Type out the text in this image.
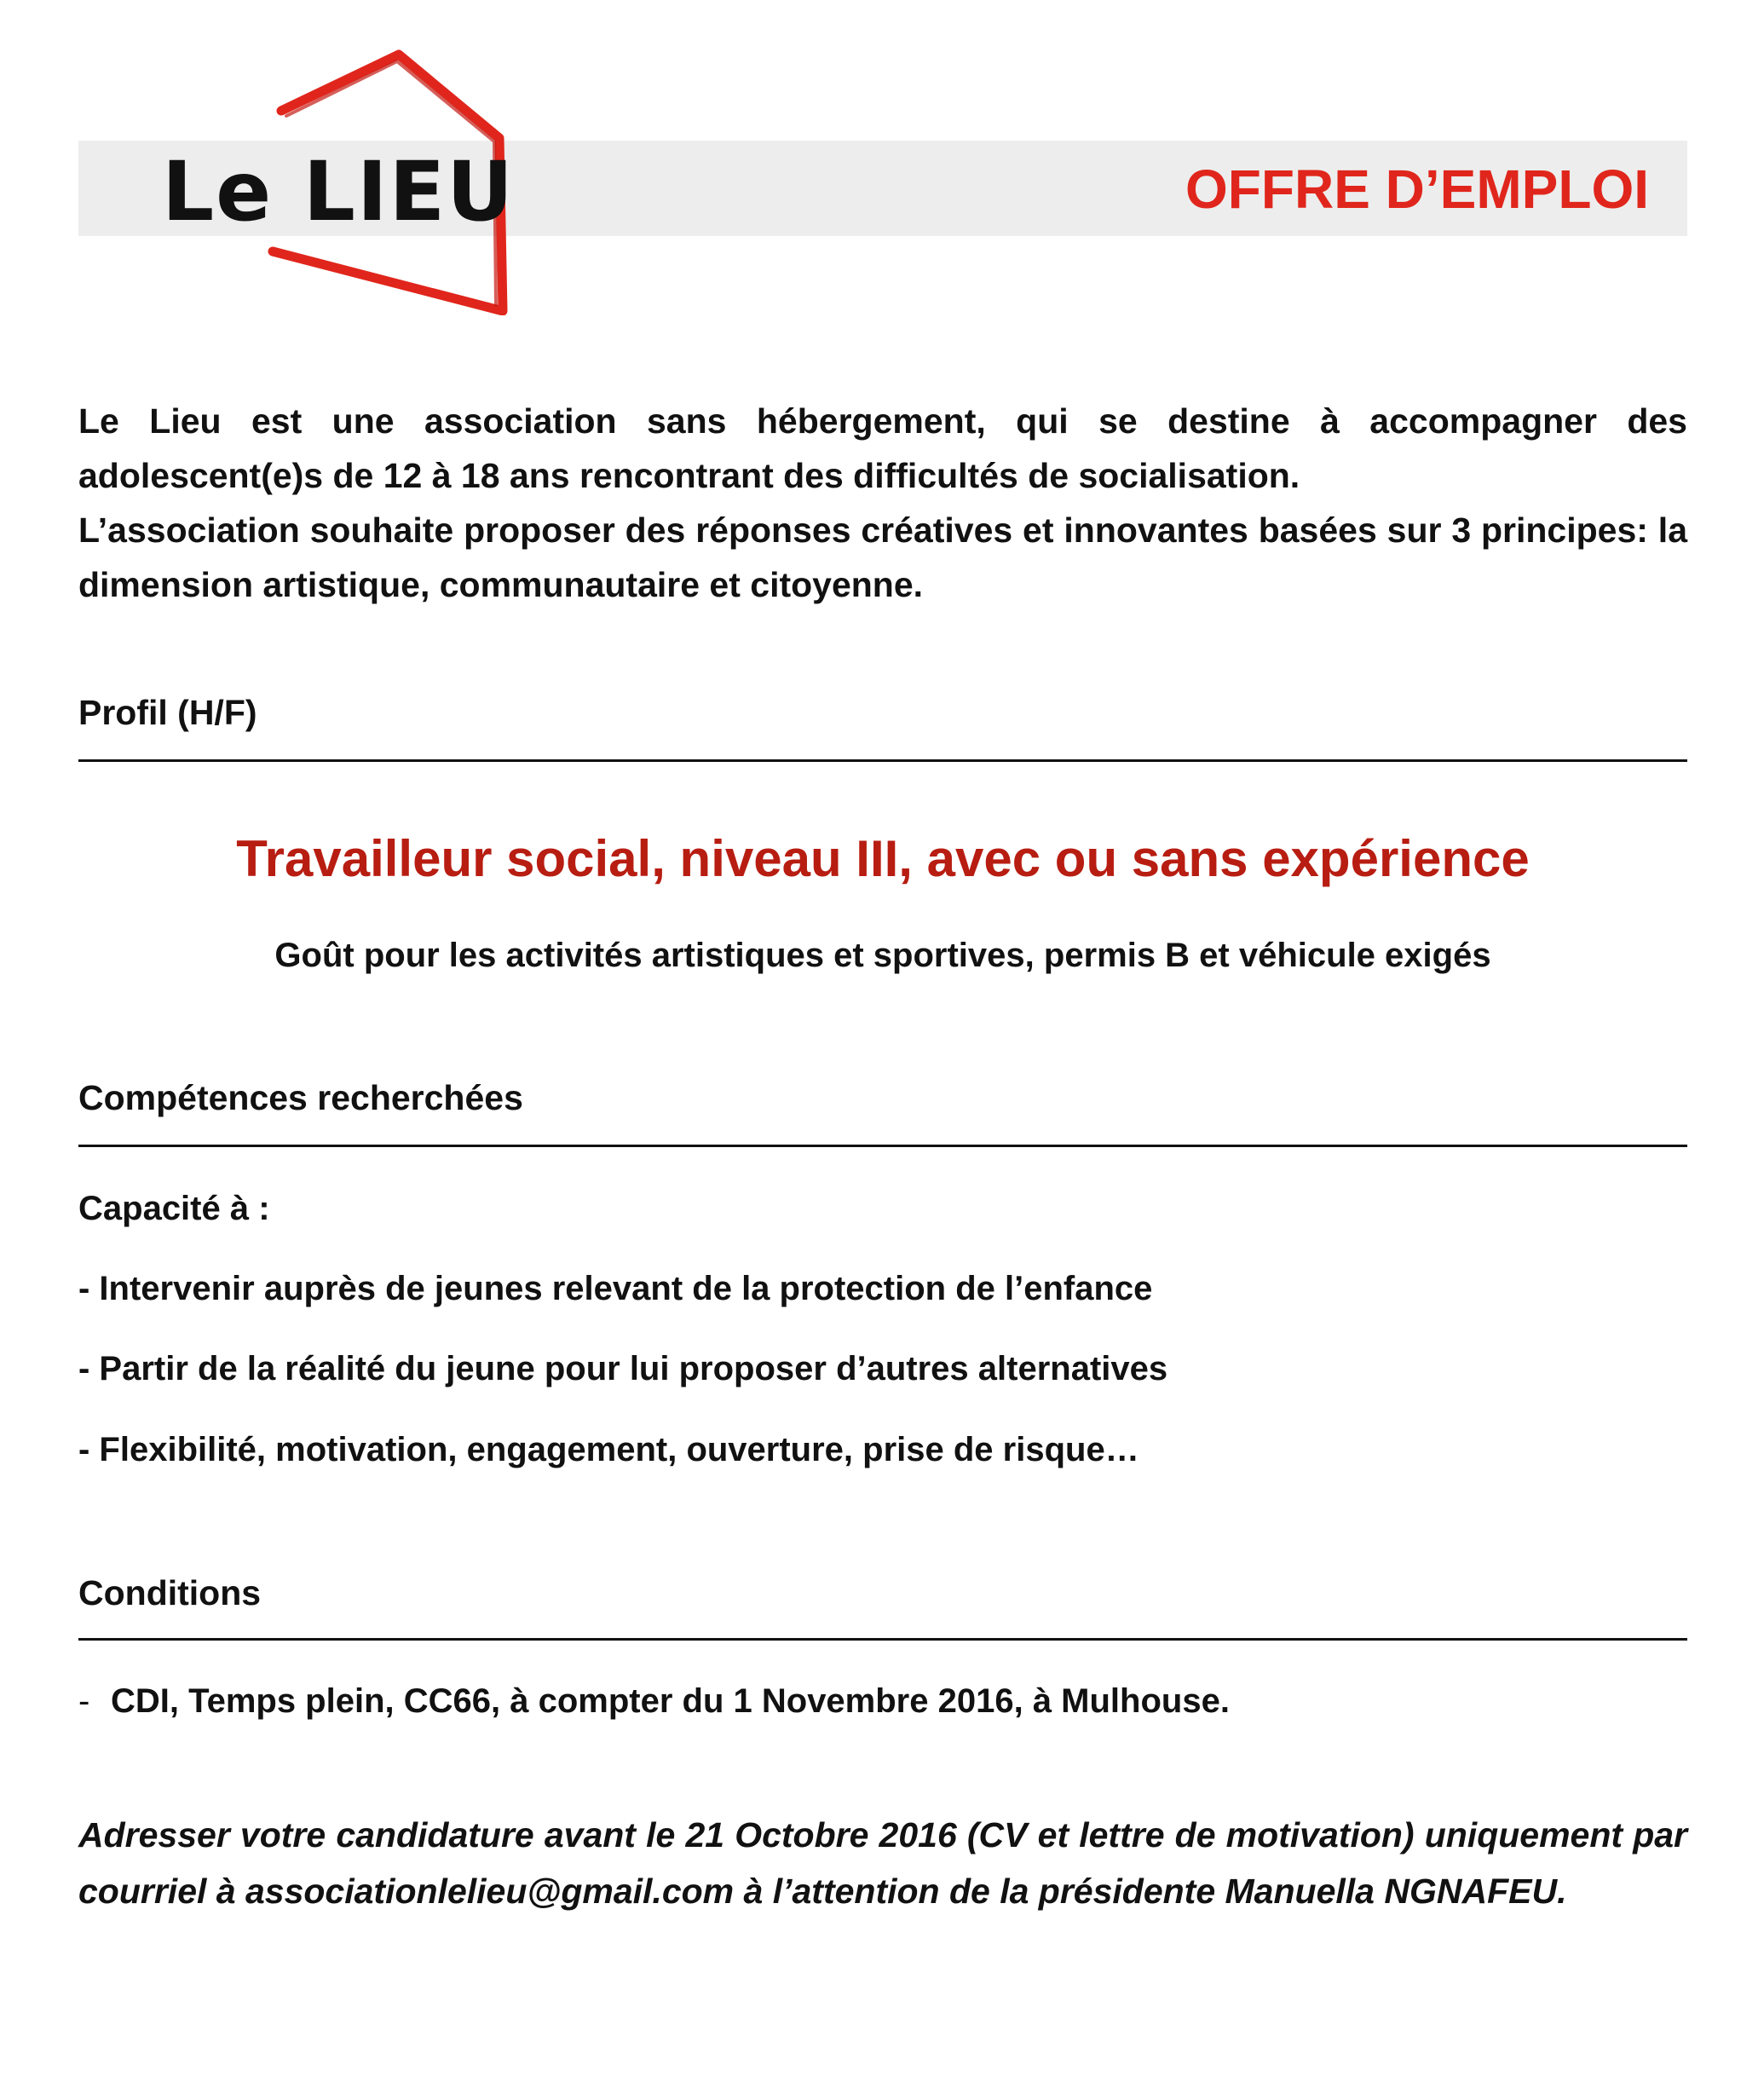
Le LIEU	OFFRE D’EMPLOI

Le Lieu est une association sans hébergement, qui se destine à accompagner des adolescent(e)s de 12 à 18 ans rencontrant des difficultés de socialisation.

L’association souhaite proposer des réponses créatives et innovantes basées sur 3 principes: la dimension artistique, communautaire et citoyenne.

Profil (H/F)
Travailleur social, niveau III, avec ou sans expérience
Goût pour les activités artistiques et sportives, permis B et véhicule exigés
Compétences recherchées
Capacité à :
- Intervenir auprès de jeunes relevant de la protection de l’enfance
- Partir de la réalité du jeune pour lui proposer d’autres alternatives
- Flexibilité, motivation, engagement, ouverture, prise de risque…
Conditions
- CDI, Temps plein, CC66, à compter du 1 Novembre 2016, à Mulhouse.

Adresser votre candidature avant le 21 Octobre 2016 (CV et lettre de motivation) uniquement par courriel à associationlelieu@gmail.com à l’attention de la présidente Manuella NGNAFEU.
